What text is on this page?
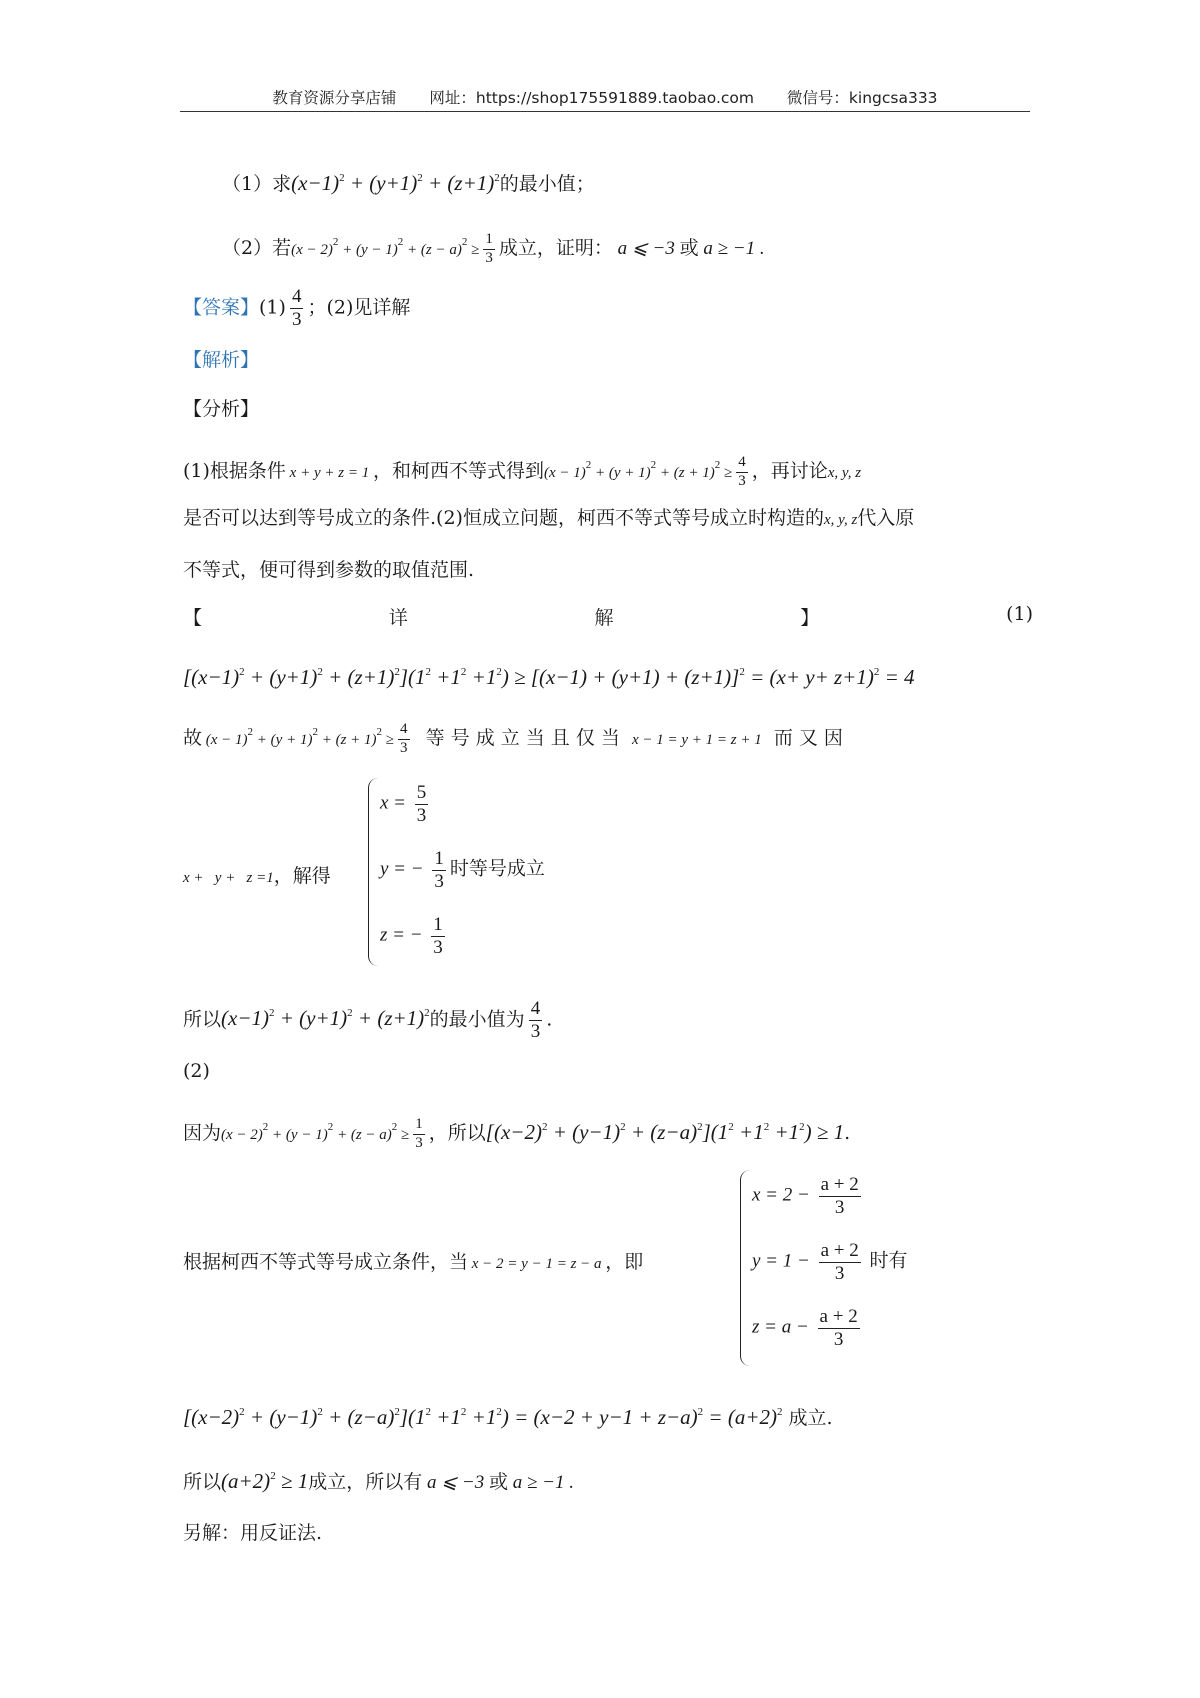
教育资源分享店铺 网址：https://shop175591889.taobao.com 微信号：kingcsa333
（1）求$(x-1)^2 + (y+1)^2 + (z+1)^2$的最小值；
（2）若$(x - 2)^2 + (y - 1)^2 + (z - a)^2 \ge \frac{1}{3}$ 成立，证明： a ⩽ −3 或 a ≥ −1 .
【答案】$(1) \frac{4}{3}$ ；(2)见详解
【解析】
【分析】
(1)根据条件 x + y + z = 1 ，和柯西不等式得到$(x - 1)^2 + (y + 1)^2 + (z + 1)^2 \ge \frac{4}{3}$ ，再讨论x, y, z
是否可以达到等号成立的条件.(2)恒成立问题，柯西不等式等号成立时构造的x, y, z代入原
不等式，便可得到参数的取值范围.
【	详	解	】	(1)
$[(x-1)^2 + (y+1)^2 + (z+1)^2](1^2 +1^2 +1^2) \ge [(x-1) + (y+1) + (z+1)]^2 = (x+ y+ z+1)^2 = 4$
故 $(x - 1)^2 + (y + 1)^2 + (z + 1)^2 \ge \frac{4}{3}$ 等 号 成 立 当 且 仅 当 x − 1 = y + 1 = z + 1 而 又 因
x +   y +   z =1，解得
$x = \frac{5}{3}$
y = − $\frac{1}{3}$ 时等号成立
z = − $\frac{1}{3}$
所以$(x-1)^2 + (y+1)^2 + (z+1)^2$的最小值为 $\frac{4}{3}$ .
(2)
因为$(x - 2)^2 + (y - 1)^2 + (z - a)^2 \ge \frac{1}{3}$ ，所以$[(x-2)^2 + (y-1)^2 + (z-a)^2](1^2 +1^2 +1^2) \ge 1$.
根据柯西不等式等号成立条件，当 x − 2 = y − 1 = z − a ，即
$x = 2 - \frac{a + 2}{3}$
$y = 1 - \frac{a + 2}{3}$ 时有
$z = a - \frac{a + 2}{3}$
$[(x-2)^2 + (y-1)^2 + (z-a)^2](1^2 +1^2 +1^2) = (x-2 + y-1 + z-a)^2 = (a+2)^2$ 成立.
所以$(a+2)^2 \ge 1$成立，所以有 a ⩽ −3 或 a ≥ −1 .
另解：用反证法.
